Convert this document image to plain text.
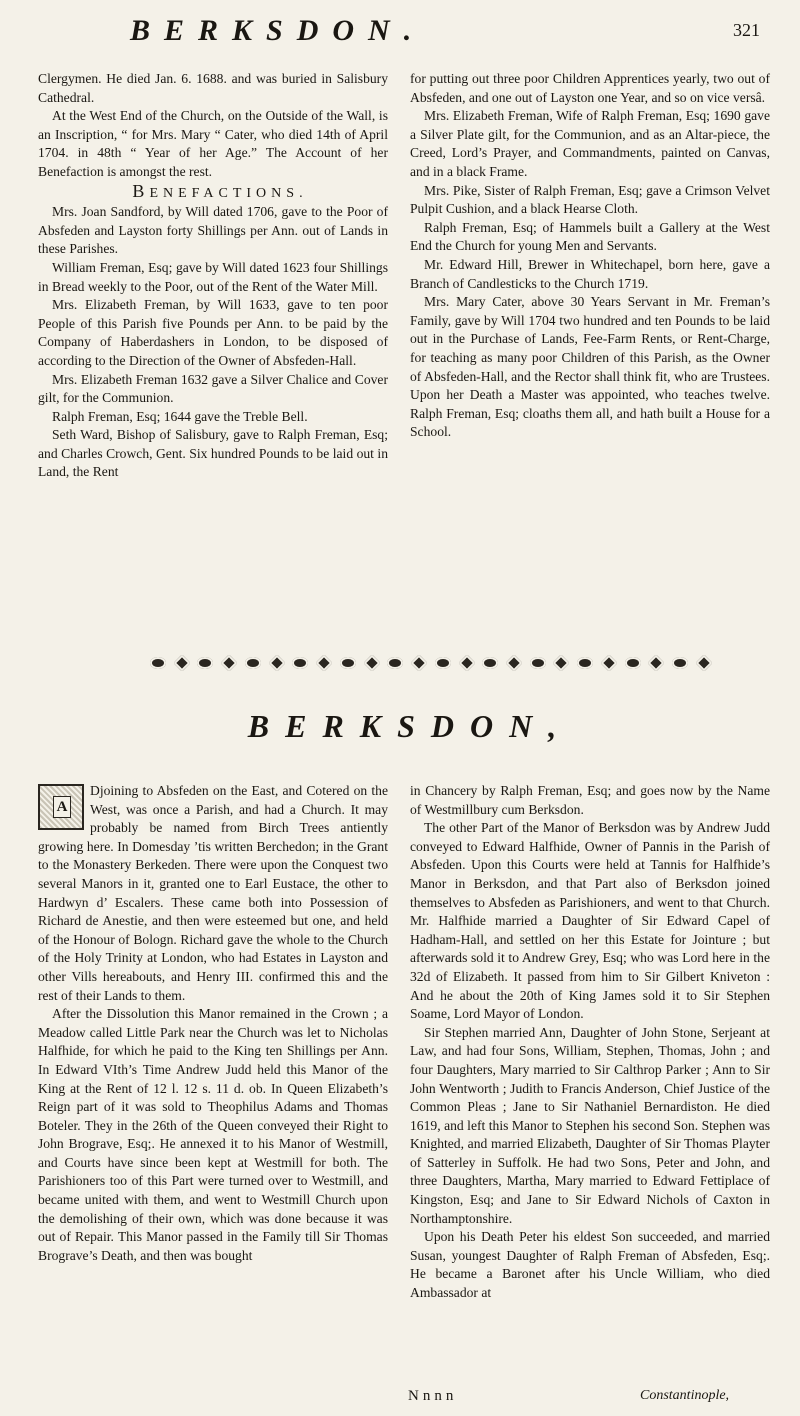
BERKSDON.	321

Clergymen. He died Jan. 6. 1688. and was buried in Salisbury Cathedral.

At the West End of the Church, on the Outside of the Wall, is an Inscription, “ for Mrs. Mary “ Cater, who died 14th of April 1704. in 48th “ Year of her Age.” The Account of her Benefaction is amongst the rest.

BENEFACTIONS.

Mrs. Joan Sandford, by Will dated 1706, gave to the Poor of Absfeden and Layston forty Shillings per Ann. out of Lands in these Parishes.

William Freman, Esq; gave by Will dated 1623 four Shillings in Bread weekly to the Poor, out of the Rent of the Water Mill.

Mrs. Elizabeth Freman, by Will 1633, gave to ten poor People of this Parish five Pounds per Ann. to be paid by the Company of Haberdashers in London, to be disposed of according to the Direction of the Owner of Absfeden-Hall.

Mrs. Elizabeth Freman 1632 gave a Silver Chalice and Cover gilt, for the Communion.

Ralph Freman, Esq; 1644 gave the Treble Bell.

Seth Ward, Bishop of Salisbury, gave to Ralph Freman, Esq; and Charles Crowch, Gent. Six hundred Pounds to be laid out in Land, the Rent

for putting out three poor Children Apprentices yearly, two out of Absfeden, and one out of Layston one Year, and so on vice versâ.

Mrs. Elizabeth Freman, Wife of Ralph Freman, Esq; 1690 gave a Silver Plate gilt, for the Communion, and as an Altar-piece, the Creed, Lord’s Prayer, and Commandments, painted on Canvas, and in a black Frame.

Mrs. Pike, Sister of Ralph Freman, Esq; gave a Crimson Velvet Pulpit Cushion, and a black Hearse Cloth.

Ralph Freman, Esq; of Hammels built a Gallery at the West End the Church for young Men and Servants.

Mr. Edward Hill, Brewer in Whitechapel, born here, gave a Branch of Candlesticks to the Church 1719.

Mrs. Mary Cater, above 30 Years Servant in Mr. Freman’s Family, gave by Will 1704 two hundred and ten Pounds to be laid out in the Purchase of Lands, Fee-Farm Rents, or Rent-Charge, for teaching as many poor Children of this Parish, as the Owner of Absfeden-Hall, and the Rector shall think fit, who are Trustees. Upon her Death a Master was appointed, who teaches twelve. Ralph Freman, Esq; cloaths them all, and hath built a House for a School.

BERKSDON,
A

Djoining to Absfeden on the East, and Cotered on the West, was once a Parish, and had a Church. It may probably be named from Birch Trees antiently growing here. In Domesday ’tis written Berchedon; in the Grant to the Monastery Berkeden. There were upon the Conquest two several Manors in it, granted one to Earl Eustace, the other to Hardwyn d’ Escalers. These came both into Possession of Richard de Anestie, and then were esteemed but one, and held of the Honour of Bologn. Richard gave the whole to the Church of the Holy Trinity at London, who had Estates in Layston and other Vills hereabouts, and Henry III. confirmed this and the rest of their Lands to them.

After the Dissolution this Manor remained in the Crown ; a Meadow called Little Park near the Church was let to Nicholas Halfhide, for which he paid to the King ten Shillings per Ann. In Edward VIth’s Time Andrew Judd held this Manor of the King at the Rent of 12 l. 12 s. 11 d. ob. In Queen Elizabeth’s Reign part of it was sold to Theophilus Adams and Thomas Boteler. They in the 26th of the Queen conveyed their Right to John Brograve, Esq;. He annexed it to his Manor of Westmill, and Courts have since been kept at Westmill for both. The Parishioners too of this Part were turned over to Westmill, and became united with them, and went to Westmill Church upon the demolishing of their own, which was done because it was out of Repair. This Manor passed in the Family till Sir Thomas Brograve’s Death, and then was bought

in Chancery by Ralph Freman, Esq; and goes now by the Name of Westmillbury cum Berksdon.

The other Part of the Manor of Berksdon was by Andrew Judd conveyed to Edward Halfhide, Owner of Pannis in the Parish of Absfeden. Upon this Courts were held at Tannis for Halfhide’s Manor in Berksdon, and that Part also of Berksdon joined themselves to Absfeden as Parishioners, and went to that Church. Mr. Halfhide married a Daughter of Sir Edward Capel of Hadham-Hall, and settled on her this Estate for Jointure ; but afterwards sold it to Andrew Grey, Esq; who was Lord here in the 32d of Elizabeth. It passed from him to Sir Gilbert Kniveton : And he about the 20th of King James sold it to Sir Stephen Soame, Lord Mayor of London.

Sir Stephen married Ann, Daughter of John Stone, Serjeant at Law, and had four Sons, William, Stephen, Thomas, John ; and four Daughters, Mary married to Sir Calthrop Parker ; Ann to Sir John Wentworth ; Judith to Francis Anderson, Chief Justice of the Common Pleas ; Jane to Sir Nathaniel Bernardiston. He died 1619, and left this Manor to Stephen his second Son. Stephen was Knighted, and married Elizabeth, Daughter of Sir Thomas Playter of Satterley in Suffolk. He had two Sons, Peter and John, and three Daughters, Martha, Mary married to Edward Fettiplace of Kingston, Esq; and Jane to Sir Edward Nichols of Caxton in Northamptonshire.

Upon his Death Peter his eldest Son succeeded, and married Susan, youngest Daughter of Ralph Freman of Absfeden, Esq;. He became a Baronet after his Uncle William, who died Ambassador at

Nnnn	Constantinople,
